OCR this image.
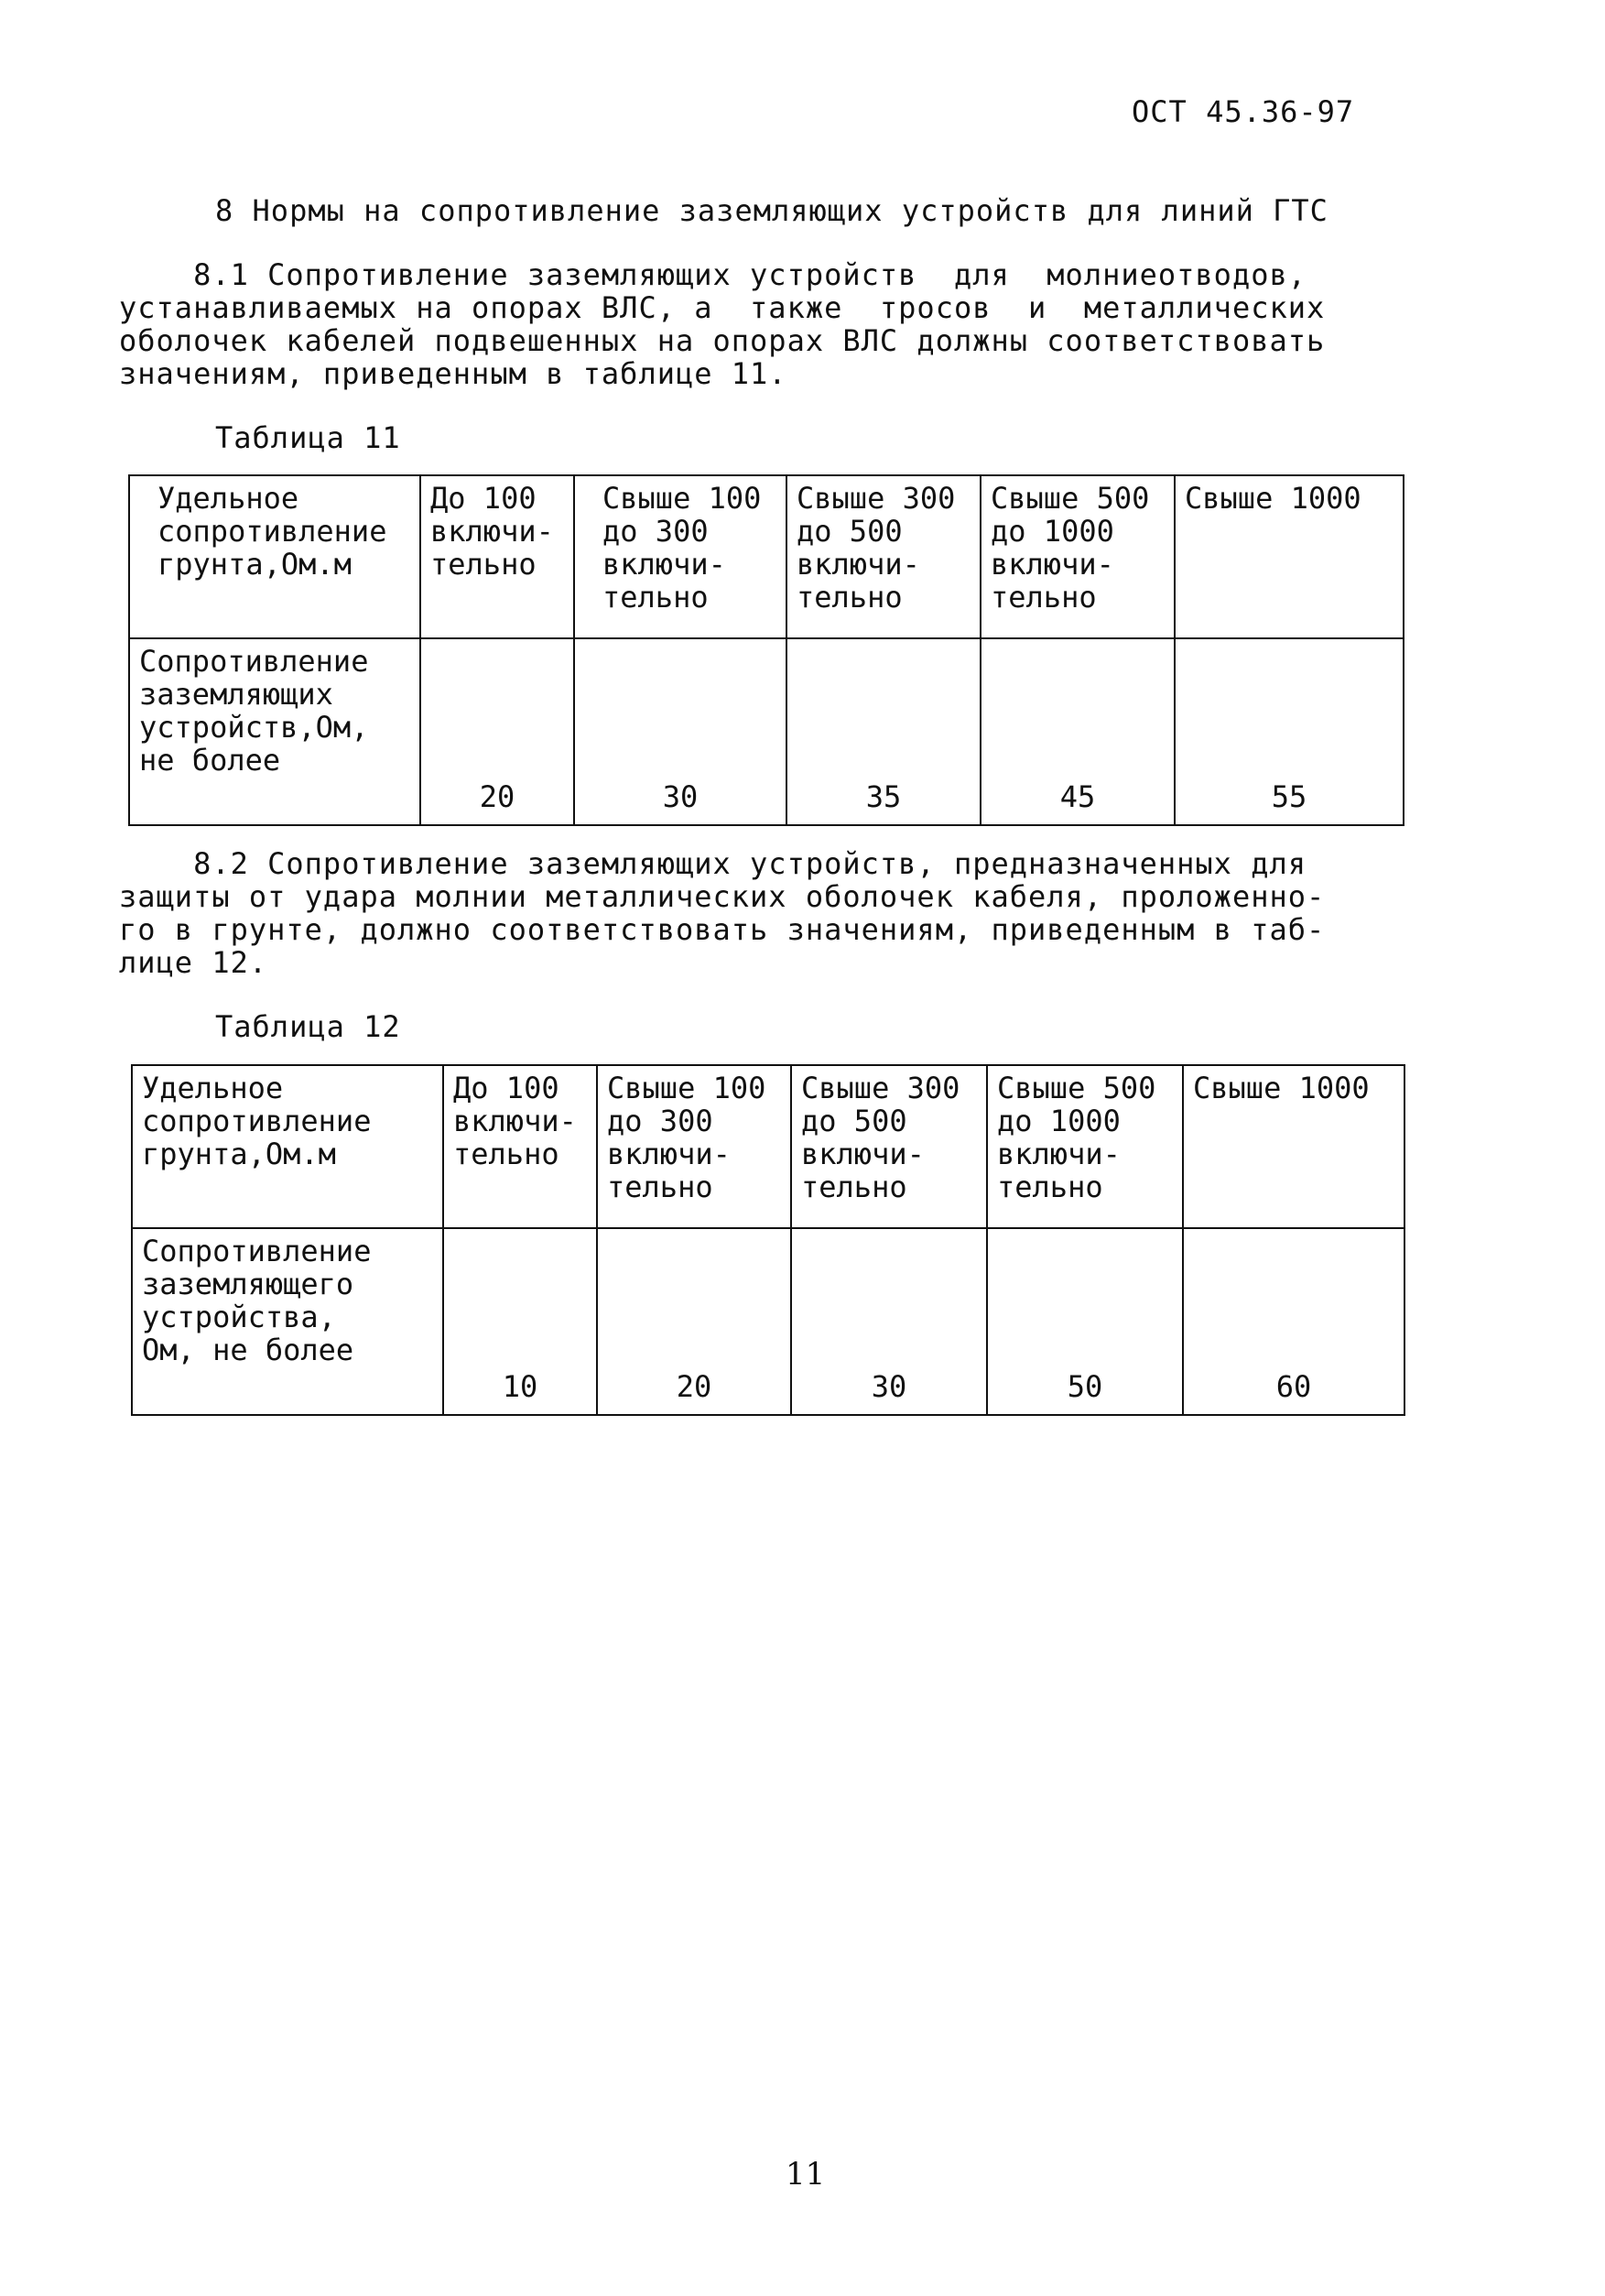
ОСТ 45.36-97
8 Нормы на сопротивление заземляющих устройств для линий ГТС
8.1 Сопротивление заземляющих устройств  для  молниеотводов,
устанавливаемых на опорах ВЛС, а  также  тросов  и  металлических
оболочек кабелей подвешенных на опорах ВЛС должны соответствовать
значениям, приведенным в таблице 11.
Таблица 11
Удельное
сопротивление
грунта,Ом.м	До 100
включи-
тельно	Свыше 100
до 300
включи-
тельно	Свыше 300
до 500
включи-
тельно	Свыше 500
до 1000
включи-
тельно	Свыше 1000
Сопротивление
заземляющих
устройств,Ом,
не более	20	30	35	45	55
8.2 Сопротивление заземляющих устройств, предназначенных для
защиты от удара молнии металлических оболочек кабеля, проложенно-
го в грунте, должно соответствовать значениям, приведенным в таб-
лице 12.
Таблица 12
Удельное
сопротивление
грунта,Ом.м	До 100
включи-
тельно	Свыше 100
до 300
включи-
тельно	Свыше 300
до 500
включи-
тельно	Свыше 500
до 1000
включи-
тельно	Свыше 1000
Сопротивление
заземляющего
устройства,
Ом, не более	10	20	30	50	60
11
